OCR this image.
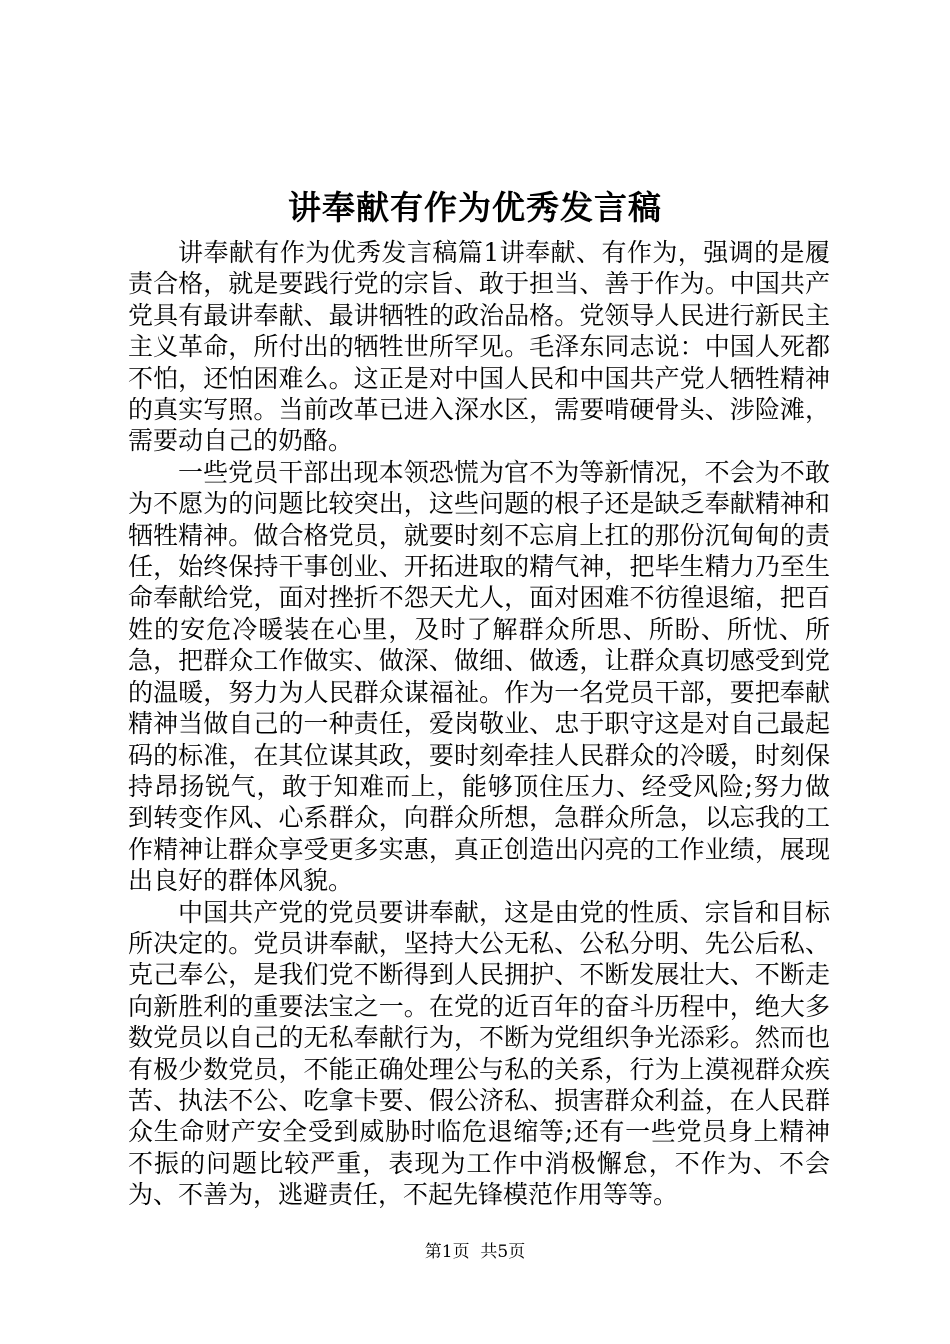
讲奉献有作为优秀发言稿

讲奉献有作为优秀发言稿篇1讲奉献、有作为，强调的是履责合格，就是要践行党的宗旨、敢于担当、善于作为。中国共产党具有最讲奉献、最讲牺牲的政治品格。党领导人民进行新民主主义革命，所付出的牺牲世所罕见。毛泽东同志说：中国人死都不怕，还怕困难么。这正是对中国人民和中国共产党人牺牲精神的真实写照。当前改革已进入深水区，需要啃硬骨头、涉险滩，需要动自己的奶酪。

一些党员干部出现本领恐慌为官不为等新情况，不会为不敢为不愿为的问题比较突出，这些问题的根子还是缺乏奉献精神和牺牲精神。做合格党员，就要时刻不忘肩上扛的那份沉甸甸的责任，始终保持干事创业、开拓进取的精气神，把毕生精力乃至生命奉献给党，面对挫折不怨天尤人，面对困难不彷徨退缩，把百姓的安危冷暖装在心里，及时了解群众所思、所盼、所忧、所急，把群众工作做实、做深、做细、做透，让群众真切感受到党的温暖，努力为人民群众谋福祉。作为一名党员干部，要把奉献精神当做自己的一种责任，爱岗敬业、忠于职守这是对自己最起码的标准，在其位谋其政，要时刻牵挂人民群众的冷暖，时刻保持昂扬锐气，敢于知难而上，能够顶住压力、经受风险;努力做到转变作风、心系群众，向群众所想，急群众所急，以忘我的工作精神让群众享受更多实惠，真正创造出闪亮的工作业绩，展现出良好的群体风貌。

中国共产党的党员要讲奉献，这是由党的性质、宗旨和目标所决定的。党员讲奉献，坚持大公无私、公私分明、先公后私、克己奉公，是我们党不断得到人民拥护、不断发展壮大、不断走向新胜利的重要法宝之一。在党的近百年的奋斗历程中，绝大多数党员以自己的无私奉献行为，不断为党组织争光添彩。然而也有极少数党员，不能正确处理公与私的关系，行为上漠视群众疾苦、执法不公、吃拿卡要、假公济私、损害群众利益，在人民群众生命财产安全受到威胁时临危退缩等;还有一些党员身上精神不振的问题比较严重，表现为工作中消极懈怠，不作为、不会为、不善为，逃避责任，不起先锋模范作用等等。

第1页 共5页
